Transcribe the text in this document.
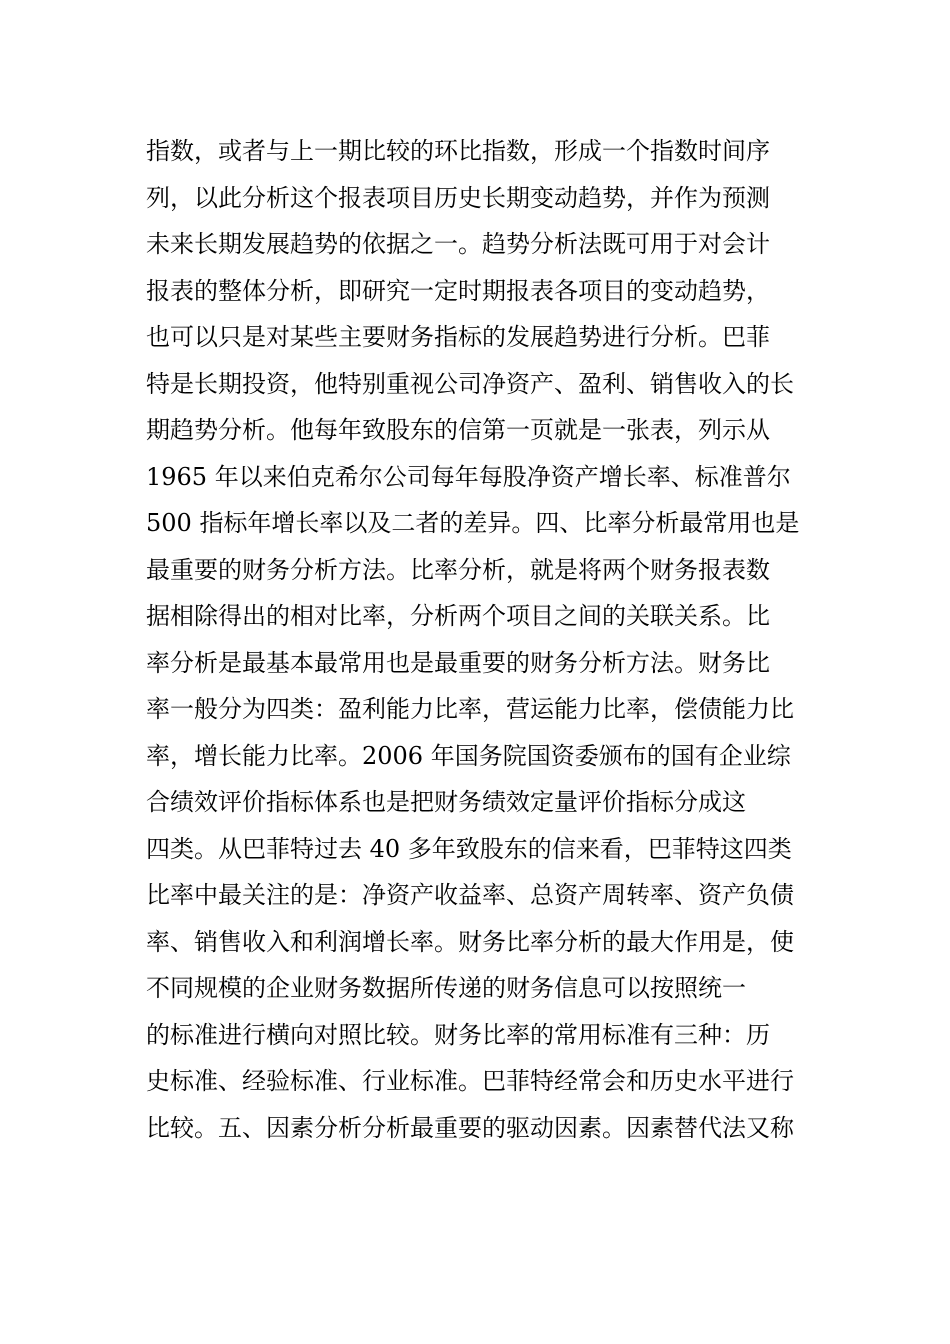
指数，或者与上一期比较的环比指数，形成一个指数时间序
列，以此分析这个报表项目历史长期变动趋势，并作为预测
未来长期发展趋势的依据之一。趋势分析法既可用于对会计
报表的整体分析，即研究一定时期报表各项目的变动趋势，
也可以只是对某些主要财务指标的发展趋势进行分析。巴菲
特是长期投资，他特别重视公司净资产、盈利、销售收入的长
期趋势分析。他每年致股东的信第一页就是一张表，列示从
1965 年以来伯克希尔公司每年每股净资产增长率、标准普尔
500 指标年增长率以及二者的差异。四、比率分析最常用也是
最重要的财务分析方法。比率分析，就是将两个财务报表数
据相除得出的相对比率，分析两个项目之间的关联关系。比
率分析是最基本最常用也是最重要的财务分析方法。财务比
率一般分为四类：盈利能力比率，营运能力比率，偿债能力比
率，增长能力比率。2006 年国务院国资委颁布的国有企业综
合绩效评价指标体系也是把财务绩效定量评价指标分成这
四类。从巴菲特过去 40 多年致股东的信来看，巴菲特这四类
比率中最关注的是：净资产收益率、总资产周转率、资产负债
率、销售收入和利润增长率。财务比率分析的最大作用是，使
不同规模的企业财务数据所传递的财务信息可以按照统一
的标准进行横向对照比较。财务比率的常用标准有三种：历
史标准、经验标准、行业标准。巴菲特经常会和历史水平进行
比较。五、因素分析分析最重要的驱动因素。因素替代法又称
